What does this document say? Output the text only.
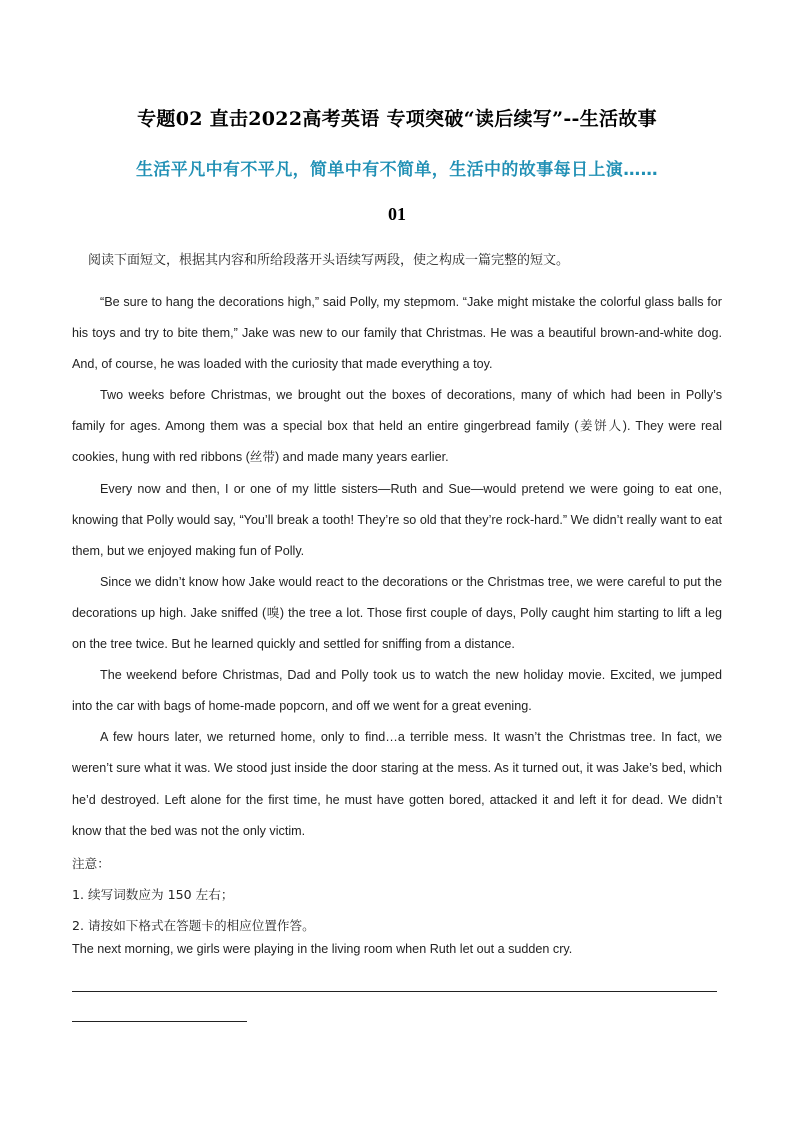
专题02 直击2022高考英语 专项突破“读后续写”--生活故事
生活平凡中有不平凡，简单中有不简单，生活中的故事每日上演……
01
阅读下面短文，根据其内容和所给段落开头语续写两段，使之构成一篇完整的短文。

“Be sure to hang the decorations high,” said Polly, my stepmom. “Jake might mistake the colorful glass balls for his toys and try to bite them,” Jake was new to our family that Christmas. He was a beautiful brown-and-white dog. And, of course, he was loaded with the curiosity that made everything a toy.

Two weeks before Christmas, we brought out the boxes of decorations, many of which had been in Polly’s family for ages. Among them was a special box that held an entire gingerbread family (姜饼人). They were real cookies, hung with red ribbons (丝带) and made many years earlier.

Every now and then, I or one of my little sisters—Ruth and Sue—would pretend we were going to eat one, knowing that Polly would say, “You’ll break a tooth! They’re so old that they’re rock-hard.” We didn’t really want to eat them, but we enjoyed making fun of Polly.

Since we didn’t know how Jake would react to the decorations or the Christmas tree, we were careful to put the decorations up high. Jake sniffed (嗅) the tree a lot. Those first couple of days, Polly caught him starting to lift a leg on the tree twice. But he learned quickly and settled for sniffing from a distance.

The weekend before Christmas, Dad and Polly took us to watch the new holiday movie. Excited, we jumped into the car with bags of home-made popcorn, and off we went for a great evening.

A few hours later, we returned home, only to find…a terrible mess. It wasn’t the Christmas tree. In fact, we weren’t sure what it was. We stood just inside the door staring at the mess. As it turned out, it was Jake’s bed, which he’d destroyed. Left alone for the first time, he must have gotten bored, attacked it and left it for dead. We didn’t know that the bed was not the only victim.

注意：
1. 续写词数应为 150 左右；
2. 请按如下格式在答题卡的相应位置作答。
The next morning, we girls were playing in the living room when Ruth let out a sudden cry.
